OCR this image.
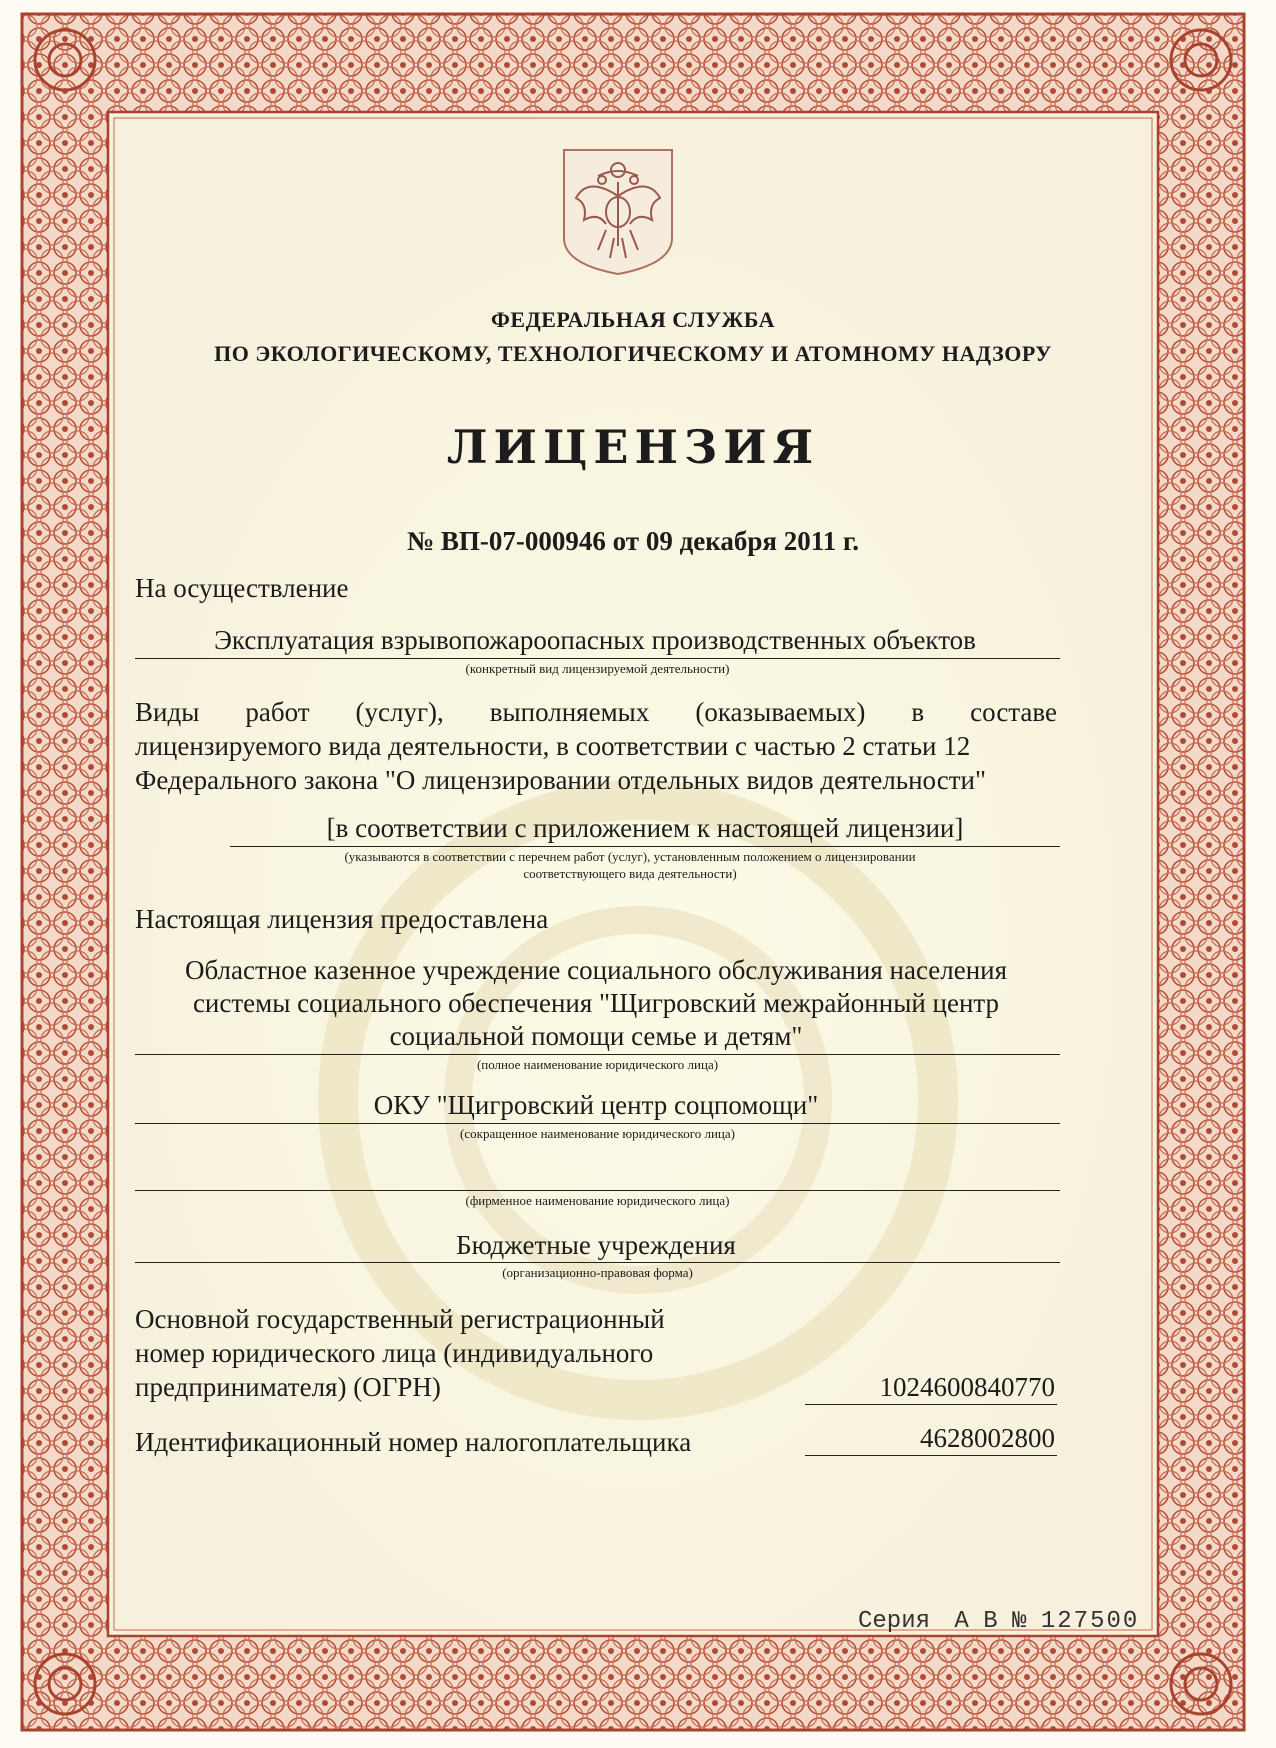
ФЕДЕРАЛЬНАЯ СЛУЖБА

ПО ЭКОЛОГИЧЕСКОМУ, ТЕХНОЛОГИЧЕСКОМУ И АТОМНОМУ НАДЗОРУ

ЛИЦЕНЗИЯ

№ ВП-07-000946 от 09 декабря 2011 г.

На осуществление

Эксплуатация взрывопожароопасных производственных объектов

(конкретный вид лицензируемой деятельности)

Виды работ (услуг), выполняемых (оказываемых) в составе

лицензируемого вида деятельности, в соответствии с частью 2 статьи 12

Федерального закона "О лицензировании отдельных видов деятельности"

[в соответствии с приложением к настоящей лицензии]

(указываются в соответствии с перечнем работ (услуг), установленным положением о лицензировании

соответствующего вида деятельности)

Настоящая лицензия предоставлена

Областное казенное учреждение социального обслуживания населения

системы социального обеспечения "Щигровский межрайонный центр

социальной помощи семье и детям"

(полное наименование юридического лица)

ОКУ "Щигровский центр соцпомощи"

(сокращенное наименование юридического лица)

(фирменное наименование юридического лица)

Бюджетные учреждения

(организационно-правовая форма)

Основной государственный регистрационный

номер юридического лица (индивидуального

предпринимателя) (ОГРН)	1024600840770

Идентификационный номер налогоплательщика	4628002800

Серия А В № 127500
